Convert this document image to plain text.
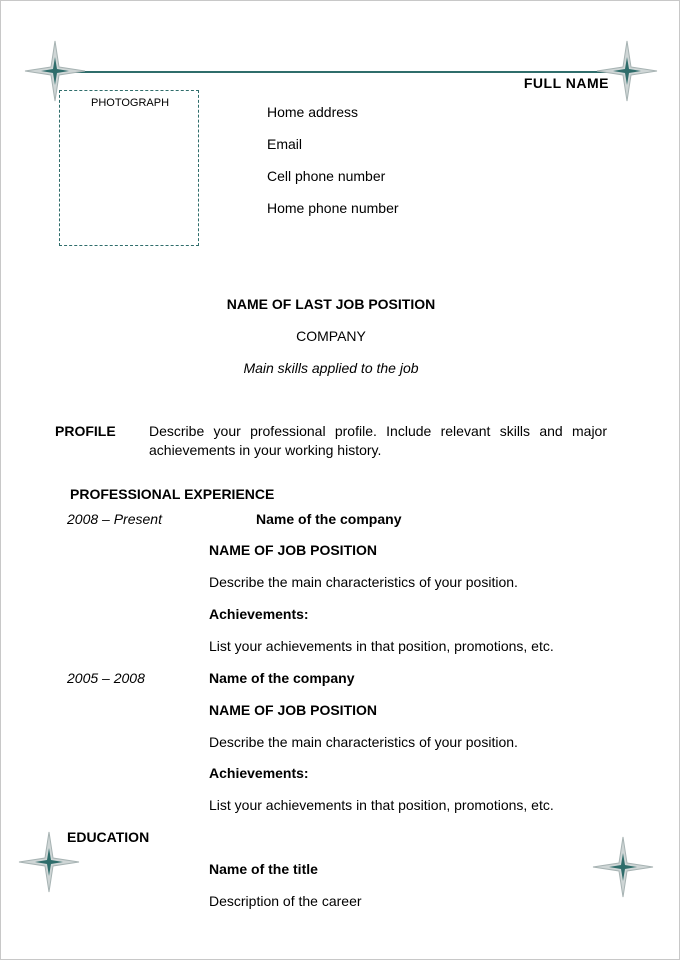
FULL NAME
PHOTOGRAPH
Home address
Email
Cell phone number
Home phone number
NAME OF LAST JOB POSITION
COMPANY
Main skills applied to the job
PROFILE Describe your professional profile. Include relevant skills and major achievements in your working history.
PROFESSIONAL EXPERIENCE
2008 – Present	Name of the company
NAME OF JOB POSITION
Describe the main characteristics of your position.
Achievements:
List your achievements in that position, promotions, etc.
2005 – 2008	Name of the company
NAME OF JOB POSITION
Describe the main characteristics of your position.
Achievements:
List your achievements in that position, promotions, etc.
EDUCATION
Name of the title
Description of the career
